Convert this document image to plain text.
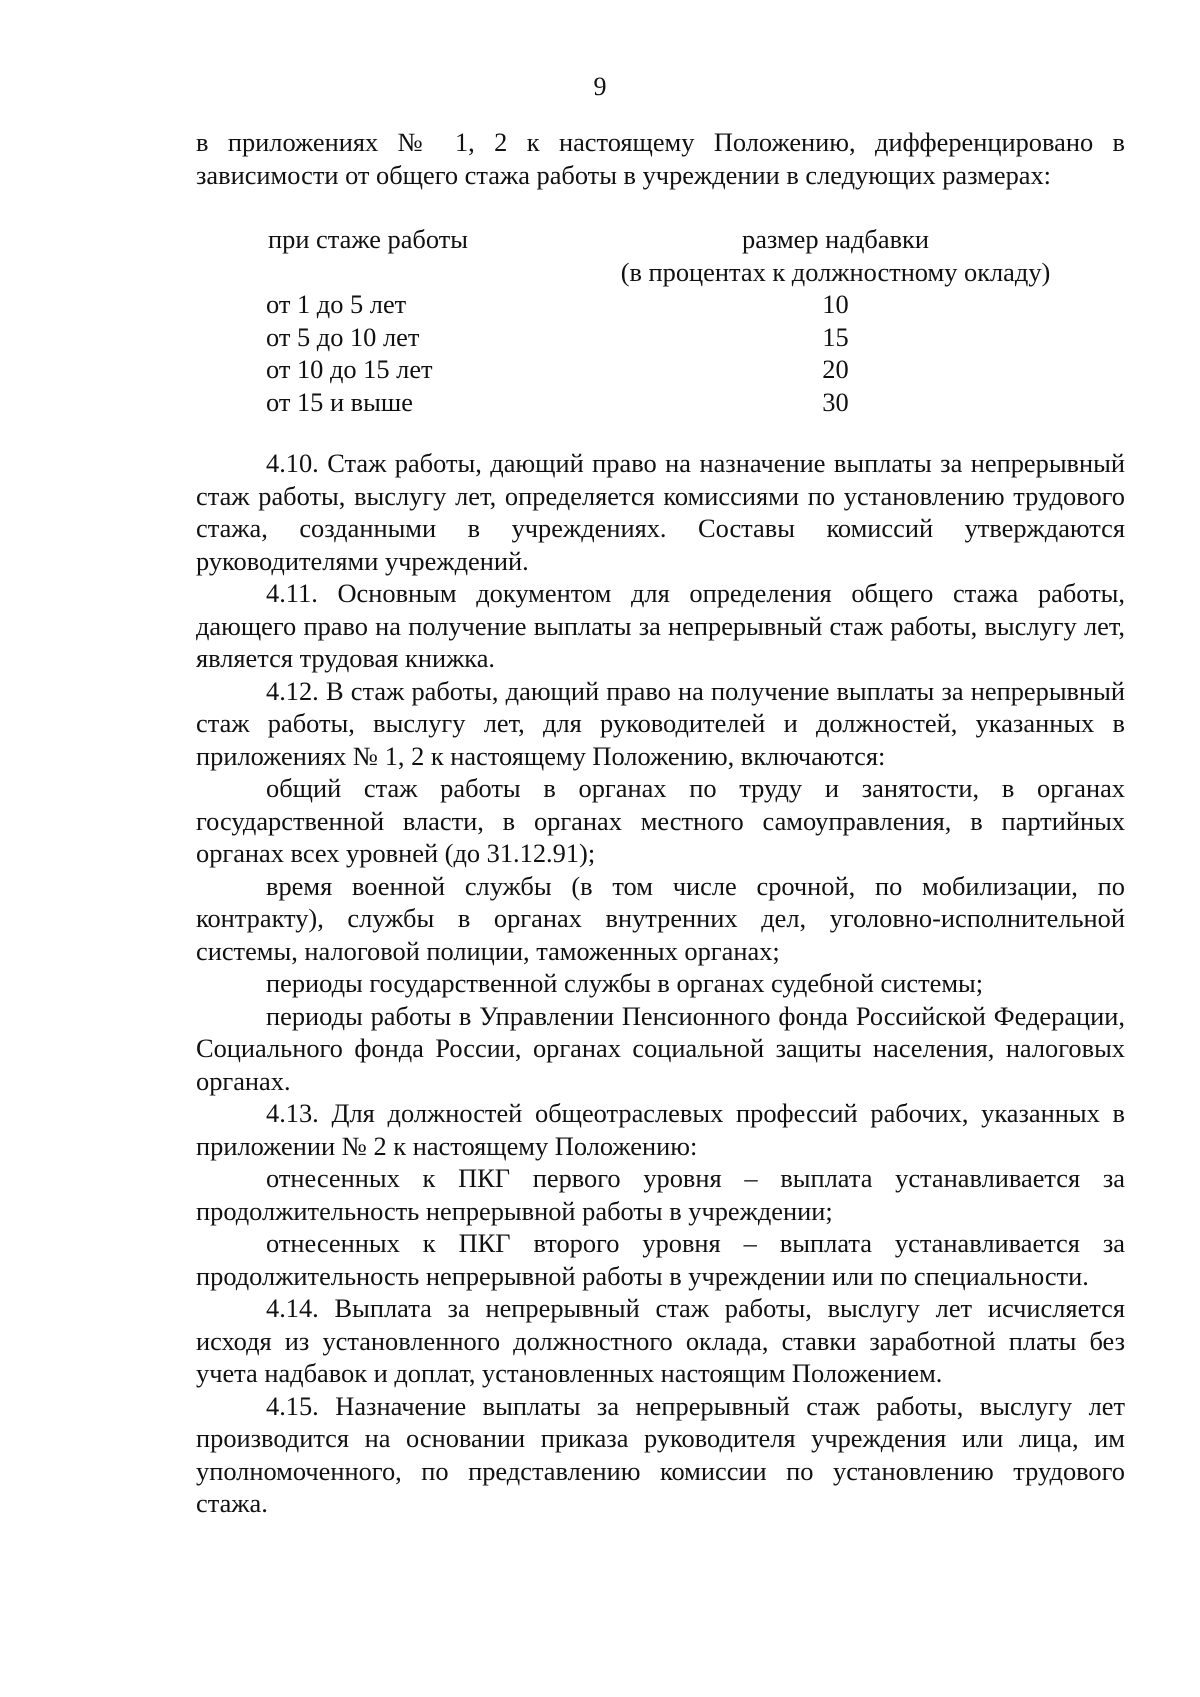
9

в приложениях № 1, 2 к настоящему Положению, дифференцировано в зависимости от общего стажа работы в учреждении в следующих размерах:

при стаже работы	размер надбавки
(в процентах к должностному окладу)

от 1 до 5 лет	10
от 5 до 10 лет	15
от 10 до 15 лет	20
от 15 и выше	30

4.10. Стаж работы, дающий право на назначение выплаты за непрерывный стаж работы, выслугу лет, определяется комиссиями по установлению трудового стажа, созданными в учреждениях. Составы комиссий утверждаются руководителями учреждений.

4.11. Основным документом для определения общего стажа работы, дающего право на получение выплаты за непрерывный стаж работы, выслугу лет, является трудовая книжка.

4.12. В стаж работы, дающий право на получение выплаты за непрерывный стаж работы, выслугу лет, для руководителей и должностей, указанных в приложениях № 1, 2 к настоящему Положению, включаются:

общий стаж работы в органах по труду и занятости, в органах государственной власти, в органах местного самоуправления, в партийных органах всех уровней (до 31.12.91);

время военной службы (в том числе срочной, по мобилизации, по контракту), службы в органах внутренних дел, уголовно-исполнительной системы, налоговой полиции, таможенных органах;

периоды государственной службы в органах судебной системы;

периоды работы в Управлении Пенсионного фонда Российской Федерации, Социального фонда России, органах социальной защиты населения, налоговых органах.

4.13. Для должностей общеотраслевых профессий рабочих, указанных в приложении № 2 к настоящему Положению:

отнесенных к ПКГ первого уровня – выплата устанавливается за продолжительность непрерывной работы в учреждении;

отнесенных к ПКГ второго уровня – выплата устанавливается за продолжительность непрерывной работы в учреждении или по специальности.

4.14. Выплата за непрерывный стаж работы, выслугу лет исчисляется исходя из установленного должностного оклада, ставки заработной платы без учета надбавок и доплат, установленных настоящим Положением.

4.15. Назначение выплаты за непрерывный стаж работы, выслугу лет производится на основании приказа руководителя учреждения или лица, им уполномоченного, по представлению комиссии по установлению трудового стажа.
